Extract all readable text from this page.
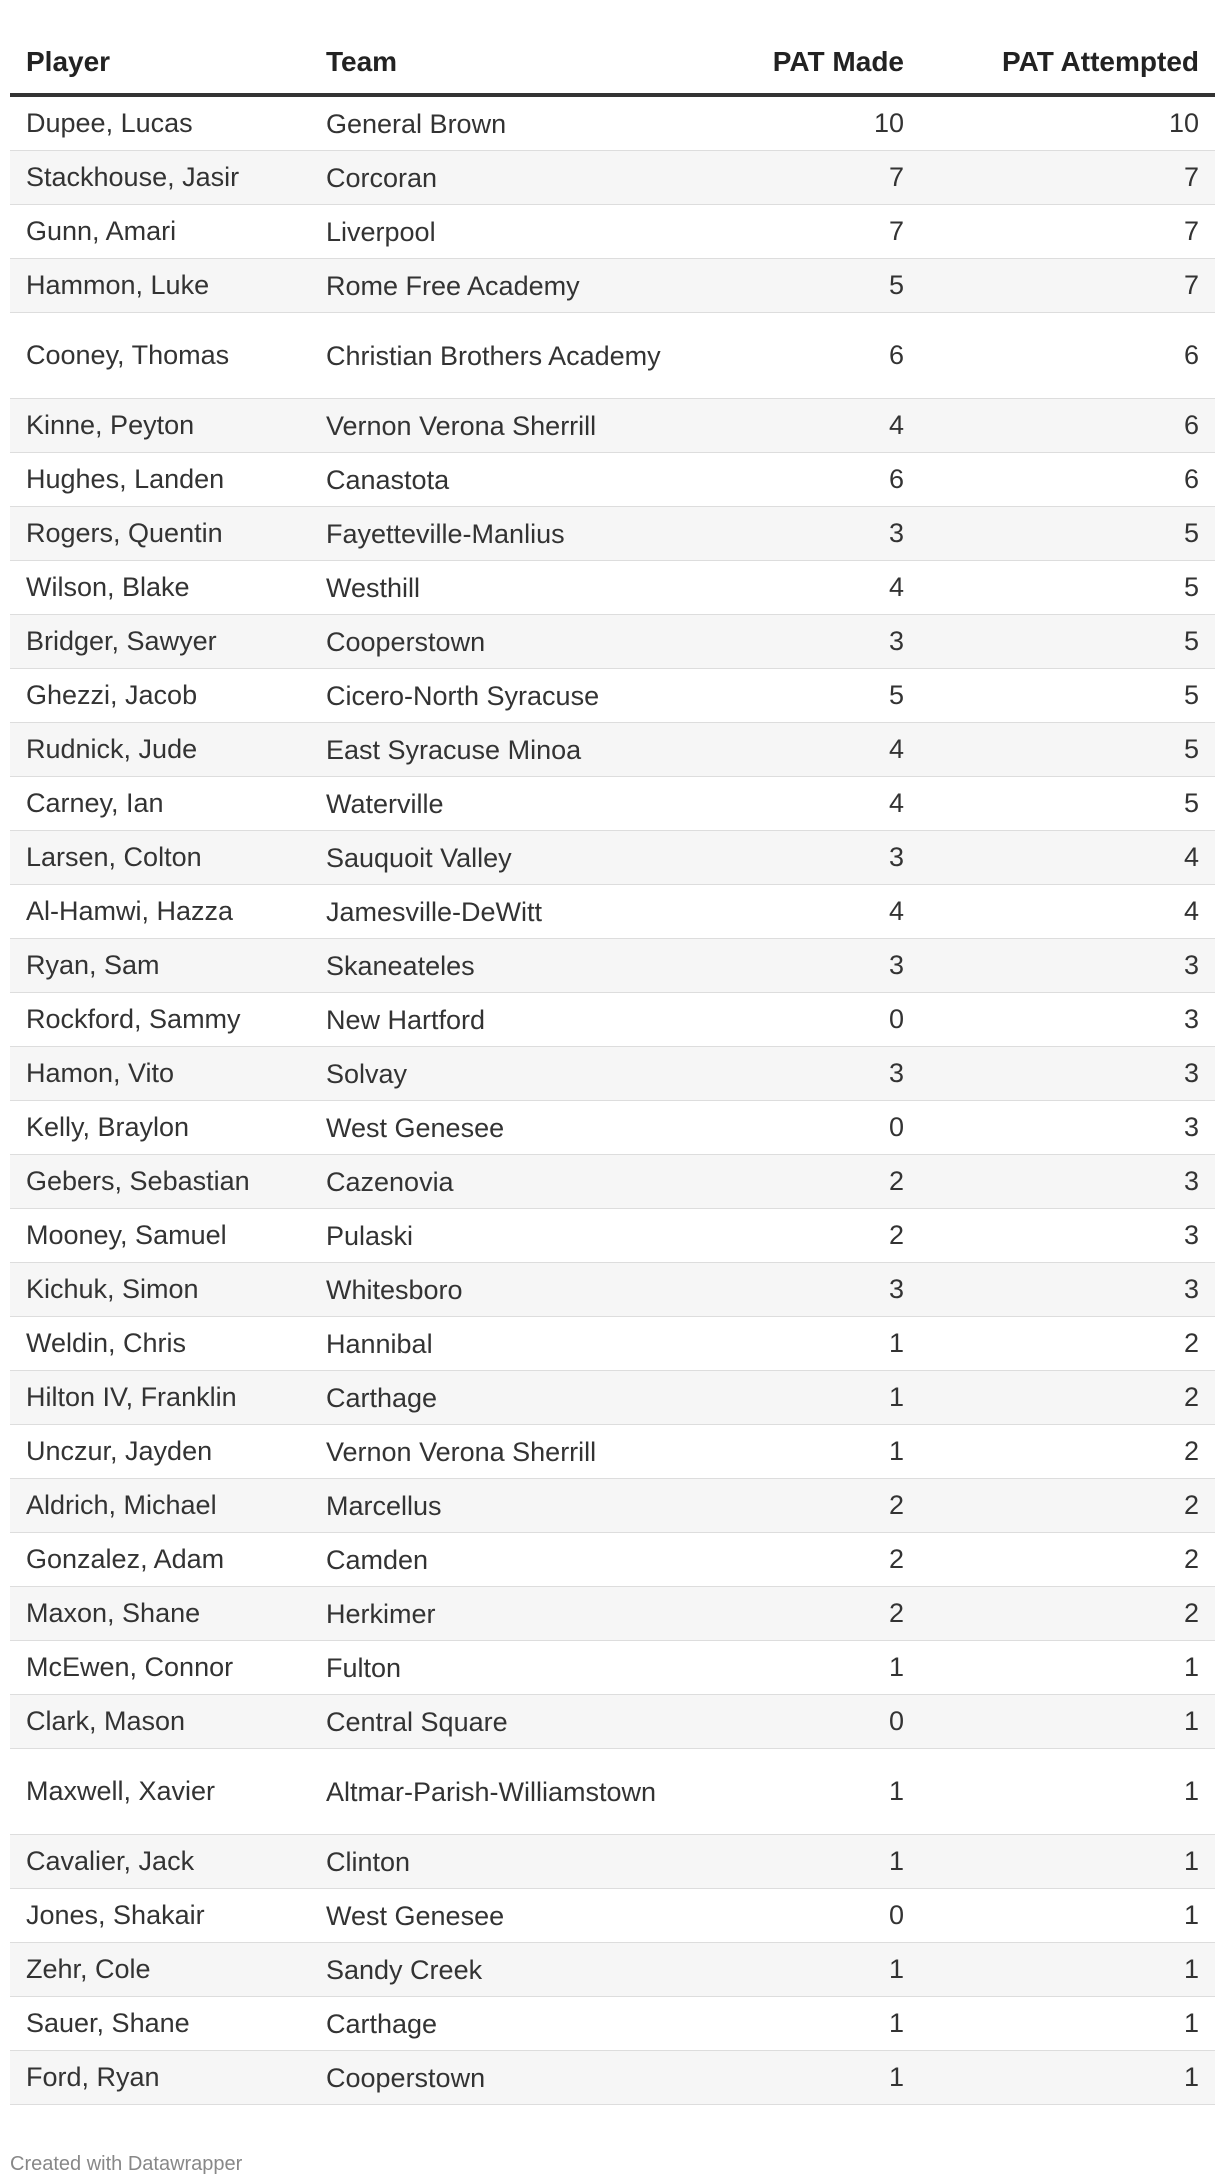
Player	Team	PAT Made	PAT Attempted
Dupee, Lucas	General Brown	10	10
Stackhouse, Jasir	Corcoran	7	7
Gunn, Amari	Liverpool	7	7
Hammon, Luke	Rome Free Academy	5	7
Cooney, Thomas	Christian Brothers Academy	6	6
Kinne, Peyton	Vernon Verona Sherrill	4	6
Hughes, Landen	Canastota	6	6
Rogers, Quentin	Fayetteville-Manlius	3	5
Wilson, Blake	Westhill	4	5
Bridger, Sawyer	Cooperstown	3	5
Ghezzi, Jacob	Cicero-North Syracuse	5	5
Rudnick, Jude	East Syracuse Minoa	4	5
Carney, Ian	Waterville	4	5
Larsen, Colton	Sauquoit Valley	3	4
Al-Hamwi, Hazza	Jamesville-DeWitt	4	4
Ryan, Sam	Skaneateles	3	3
Rockford, Sammy	New Hartford	0	3
Hamon, Vito	Solvay	3	3
Kelly, Braylon	West Genesee	0	3
Gebers, Sebastian	Cazenovia	2	3
Mooney, Samuel	Pulaski	2	3
Kichuk, Simon	Whitesboro	3	3
Weldin, Chris	Hannibal	1	2
Hilton IV, Franklin	Carthage	1	2
Unczur, Jayden	Vernon Verona Sherrill	1	2
Aldrich, Michael	Marcellus	2	2
Gonzalez, Adam	Camden	2	2
Maxon, Shane	Herkimer	2	2
McEwen, Connor	Fulton	1	1
Clark, Mason	Central Square	0	1
Maxwell, Xavier	Altmar-Parish-Williamstown	1	1
Cavalier, Jack	Clinton	1	1
Jones, Shakair	West Genesee	0	1
Zehr, Cole	Sandy Creek	1	1
Sauer, Shane	Carthage	1	1
Ford, Ryan	Cooperstown	1	1
Created with Datawrapper
